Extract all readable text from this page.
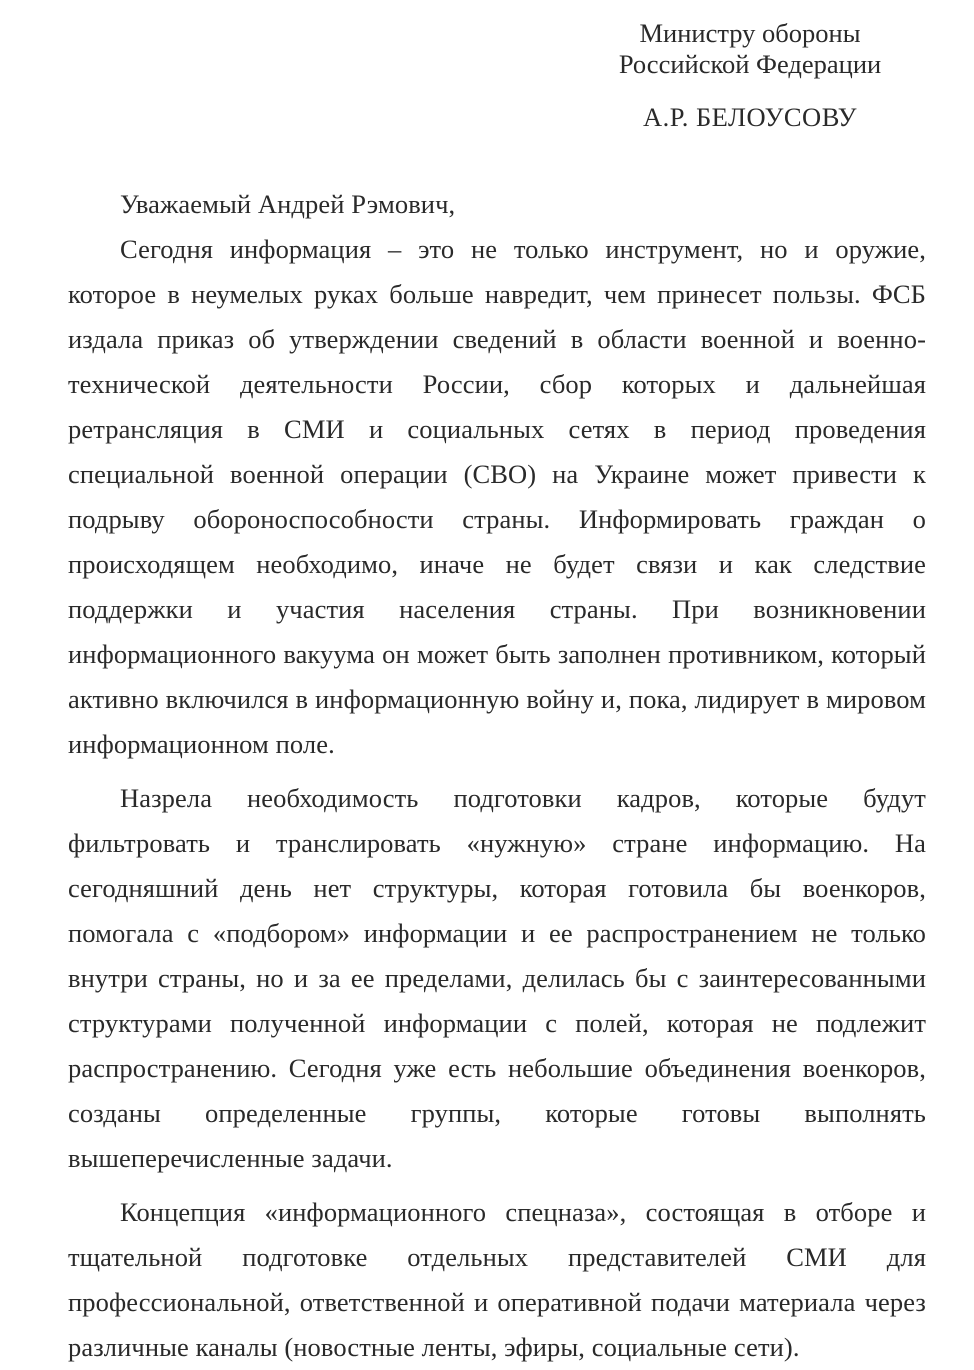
Министру обороны
Российской Федерации
А.Р. БЕЛОУСОВУ

Уважаемый Андрей Рэмович,

Сегодня информация – это не только инструмент, но и оружие, которое в неумелых руках больше навредит, чем принесет пользы. ФСБ издала приказ об утверждении сведений в области военной и военно-технической деятельности России, сбор которых и дальнейшая ретрансляция в СМИ и социальных сетях в период проведения специальной военной операции (СВО) на Украине может привести к подрыву обороноспособности страны. Информировать граждан о происходящем необходимо, иначе не будет связи и как следствие поддержки и участия населения страны. При возникновении информационного вакуума он может быть заполнен противником, который активно включился в информационную войну и, пока, лидирует в мировом информационном поле.

Назрела необходимость подготовки кадров, которые будут фильтровать и транслировать «нужную» стране информацию. На сегодняшний день нет структуры, которая готовила бы военкоров, помогала с «подбором» информации и ее распространением не только внутри страны, но и за ее пределами, делилась бы с заинтересованными структурами полученной информации с полей, которая не подлежит распространению. Сегодня уже есть небольшие объединения военкоров, созданы определенные группы, которые готовы выполнять вышеперечисленные задачи.

Концепция «информационного спецназа», состоящая в отборе и тщательной подготовке отдельных представителей СМИ для профессиональной, ответственной и оперативной подачи материала через различные каналы (новостные ленты, эфиры, социальные сети).
